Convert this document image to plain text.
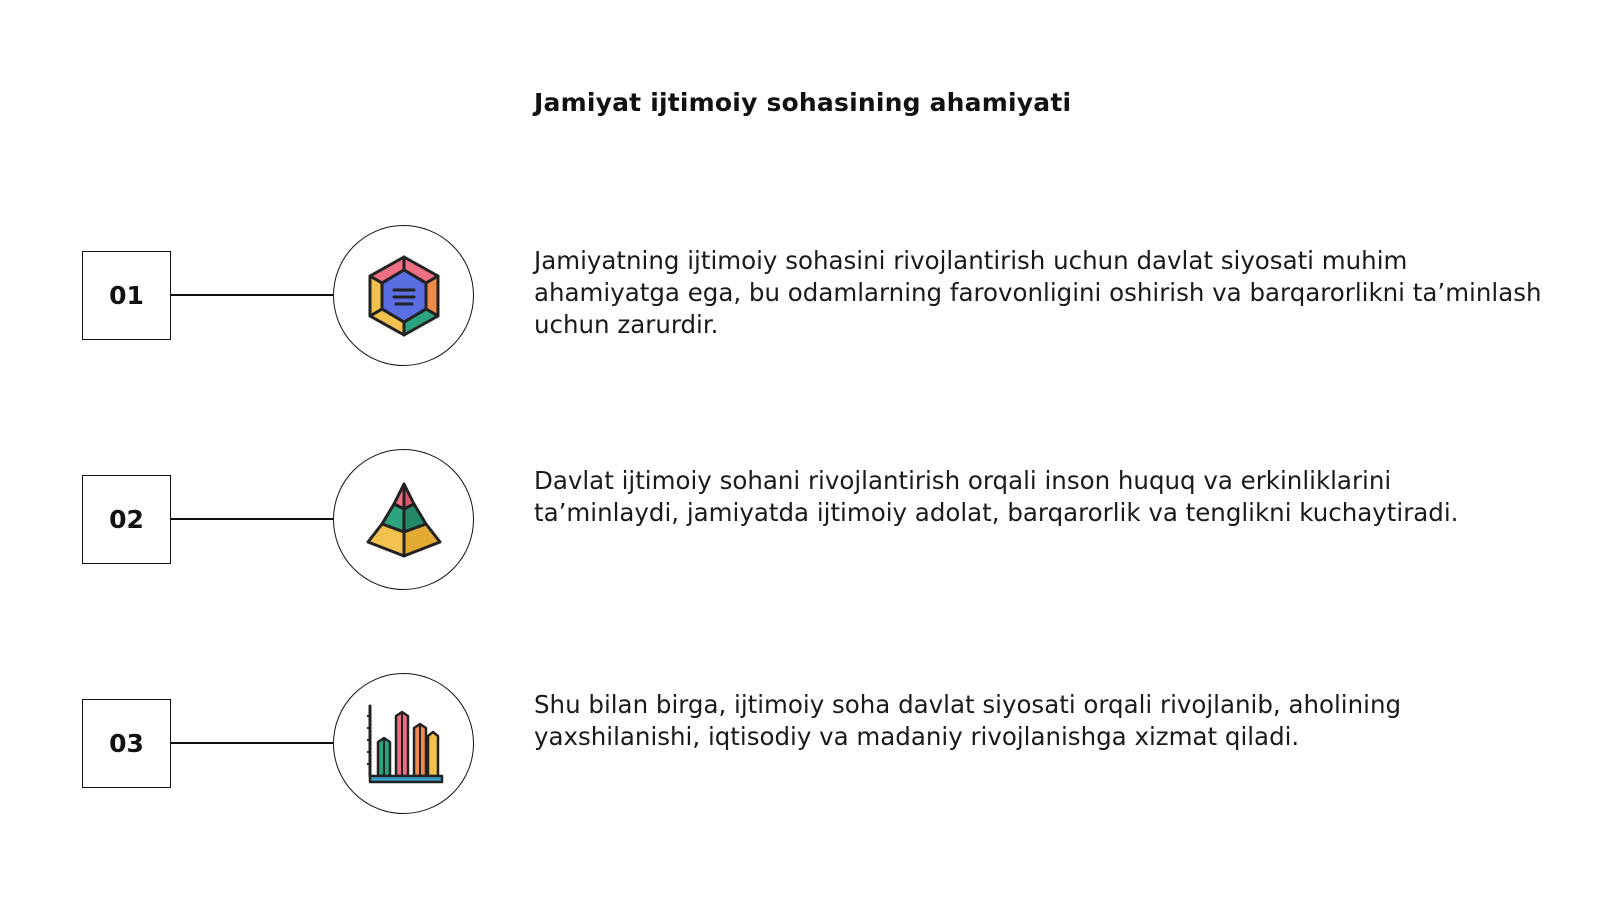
Jamiyat ijtimoiy sohasining ahamiyati
01
Jamiyatning ijtimoiy sohasini rivojlantirish uchun davlat siyosati muhim ahamiyatga ega, bu odamlarning farovonligini oshirish va barqarorlikni ta’minlash uchun zarurdir.
02
Davlat ijtimoiy sohani rivojlantirish orqali inson huquq va erkinliklarini ta’minlaydi, jamiyatda ijtimoiy adolat, barqarorlik va tenglikni kuchaytiradi.
03
Shu bilan birga, ijtimoiy soha davlat siyosati orqali rivojlanib, aholining yaxshilanishi, iqtisodiy va madaniy rivojlanishga xizmat qiladi.
